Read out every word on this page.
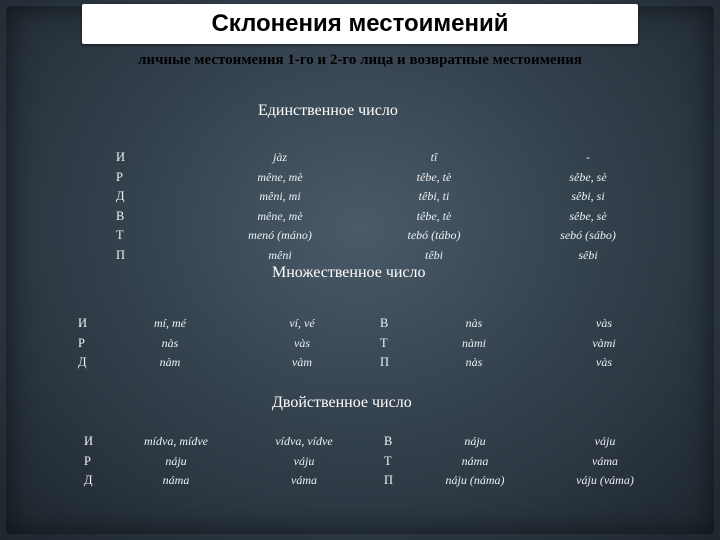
Склонения местоимений
личные местоимения 1-го и 2-го лица и возвратные местоимения
Единственное число
И
Р
Д
В
Т
П
jàz
mêne, mè
mêni, mi
mêne, mè
menó (máno)
mêni
tî
têbe, tè
têbi, ti
têbe, tè
tebó (tábo)
têbi
-
sêbe, sè
sêbi, si
sêbe, sè
sebó (sábo)
sêbi
Множественное число
И
Р
Д
mí, mé
nàs
nàm
ví, vé
vàs
vàm
В
Т
П
nàs
nàmi
nàs
vàs
vàmi
vàs
Двойственное число
И
Р
Д
mídva, mídve
náju
náma
vídva, vídve
váju
váma
В
Т
П
náju
náma
náju (náma)
váju
váma
váju (váma)
